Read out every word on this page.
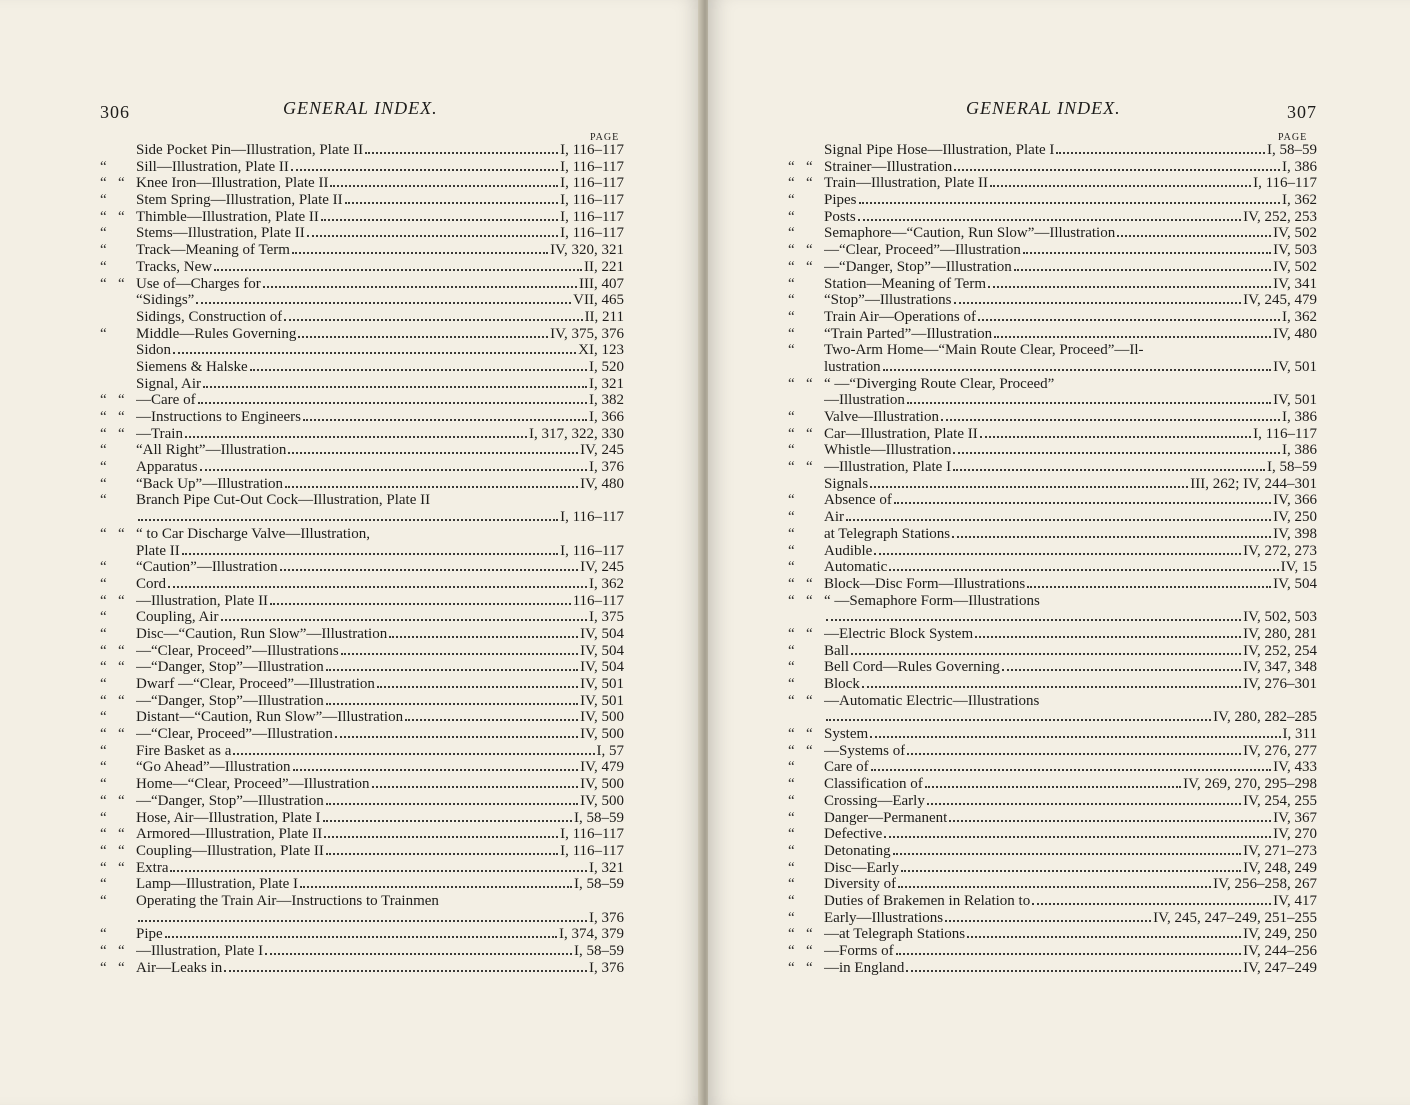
306	GENERAL INDEX.
PAGE
Side Pocket Pin—Illustration, Plate II	I, 116–117
“	Sill—Illustration, Plate II	I, 116–117
“ “ Knee Iron—Illustration, Plate II	I, 116–117
“	Stem Spring—Illustration, Plate II	I, 116–117
“ “ Thimble—Illustration, Plate II	I, 116–117
“	Stems—Illustration, Plate II	I, 116–117
“	Track—Meaning of Term	IV, 320, 321
“	Tracks, New	II, 221
“ “ Use of—Charges for	III, 407
“Sidings”	VII, 465
Sidings, Construction of	II, 211
“	Middle—Rules Governing	IV, 375, 376
Sidon	XI, 123
Siemens & Halske	I, 520
Signal, Air	I, 321
“ “ —Care of	I, 382
“ “ —Instructions to Engineers	I, 366
“ “ —Train	I, 317, 322, 330
“	“All Right”—Illustration	IV, 245
“	Apparatus	I, 376
“	“Back Up”—Illustration	IV, 480
“	Branch Pipe Cut-Out Cock—Illustration, Plate II
I, 116–117
“ “ “ to Car Discharge Valve—Illustration,
Plate II	I, 116–117
“	“Caution”—Illustration	IV, 245
“	Cord	I, 362
“ “ —Illustration, Plate II	116–117
“	Coupling, Air	I, 375
“	Disc—“Caution, Run Slow”—Illustration	IV, 504
“ “ —“Clear, Proceed”—Illustrations	IV, 504
“ “ —“Danger, Stop”—Illustration	IV, 504
“	Dwarf —“Clear, Proceed”—Illustration	IV, 501
“ “ —“Danger, Stop”—Illustration	IV, 501
“	Distant—“Caution, Run Slow”—Illustration	IV, 500
“ “ —“Clear, Proceed”—Illustration	IV, 500
“	Fire Basket as a	I, 57
“	“Go Ahead”—Illustration	IV, 479
“	Home—“Clear, Proceed”—Illustration	IV, 500
“ “ —“Danger, Stop”—Illustration	IV, 500
“	Hose, Air—Illustration, Plate I	I, 58–59
“ “ Armored—Illustration, Plate II	I, 116–117
“ “ Coupling—Illustration, Plate II	I, 116–117
“ “ Extra	I, 321
“	Lamp—Illustration, Plate I	I, 58–59
“	Operating the Train Air—Instructions to Trainmen
I, 376
“	Pipe	I, 374, 379
“ “ —Illustration, Plate I	I, 58–59
“ “ Air—Leaks in	I, 376
GENERAL INDEX.	307
PAGE
Signal Pipe Hose—Illustration, Plate I	I, 58–59
“ “ Strainer—Illustration	I, 386
“ “ Train—Illustration, Plate II	I, 116–117
“	Pipes	I, 362
“	Posts	IV, 252, 253
“	Semaphore—“Caution, Run Slow”—Illustration	IV, 502
“ “ —“Clear, Proceed”—Illustration	IV, 503
“ “ —“Danger, Stop”—Illustration	IV, 502
“	Station—Meaning of Term	IV, 341
“	“Stop”—Illustrations	IV, 245, 479
“	Train Air—Operations of	I, 362
“	“Train Parted”—Illustration	IV, 480
“	Two-Arm Home—“Main Route Clear, Proceed”—Il-
lustration	IV, 501
“ “ “ —“Diverging Route Clear, Proceed”
—Illustration	IV, 501
“	Valve—Illustration	I, 386
“ “ Car—Illustration, Plate II	I, 116–117
“	Whistle—Illustration	I, 386
“ “ —Illustration, Plate I	I, 58–59
Signals	III, 262; IV, 244–301
“	Absence of	IV, 366
“	Air	IV, 250
“	at Telegraph Stations	IV, 398
“	Audible	IV, 272, 273
“	Automatic	IV, 15
“ “ Block—Disc Form—Illustrations	IV, 504
“ “ “ —Semaphore Form—Illustrations
IV, 502, 503
“ “ —Electric Block System	IV, 280, 281
“	Ball	IV, 252, 254
“	Bell Cord—Rules Governing	IV, 347, 348
“	Block	IV, 276–301
“ “ —Automatic Electric—Illustrations
IV, 280, 282–285
“ “ System	I, 311
“ “ —Systems of	IV, 276, 277
“	Care of	IV, 433
“	Classification of	IV, 269, 270, 295–298
“	Crossing—Early	IV, 254, 255
“	Danger—Permanent	IV, 367
“	Defective	IV, 270
“	Detonating	IV, 271–273
“	Disc—Early	IV, 248, 249
“	Diversity of	IV, 256–258, 267
“	Duties of Brakemen in Relation to	IV, 417
“	Early—Illustrations	IV, 245, 247–249, 251–255
“ “ —at Telegraph Stations	IV, 249, 250
“ “ —Forms of	IV, 244–256
“ “ —in England	IV, 247–249
